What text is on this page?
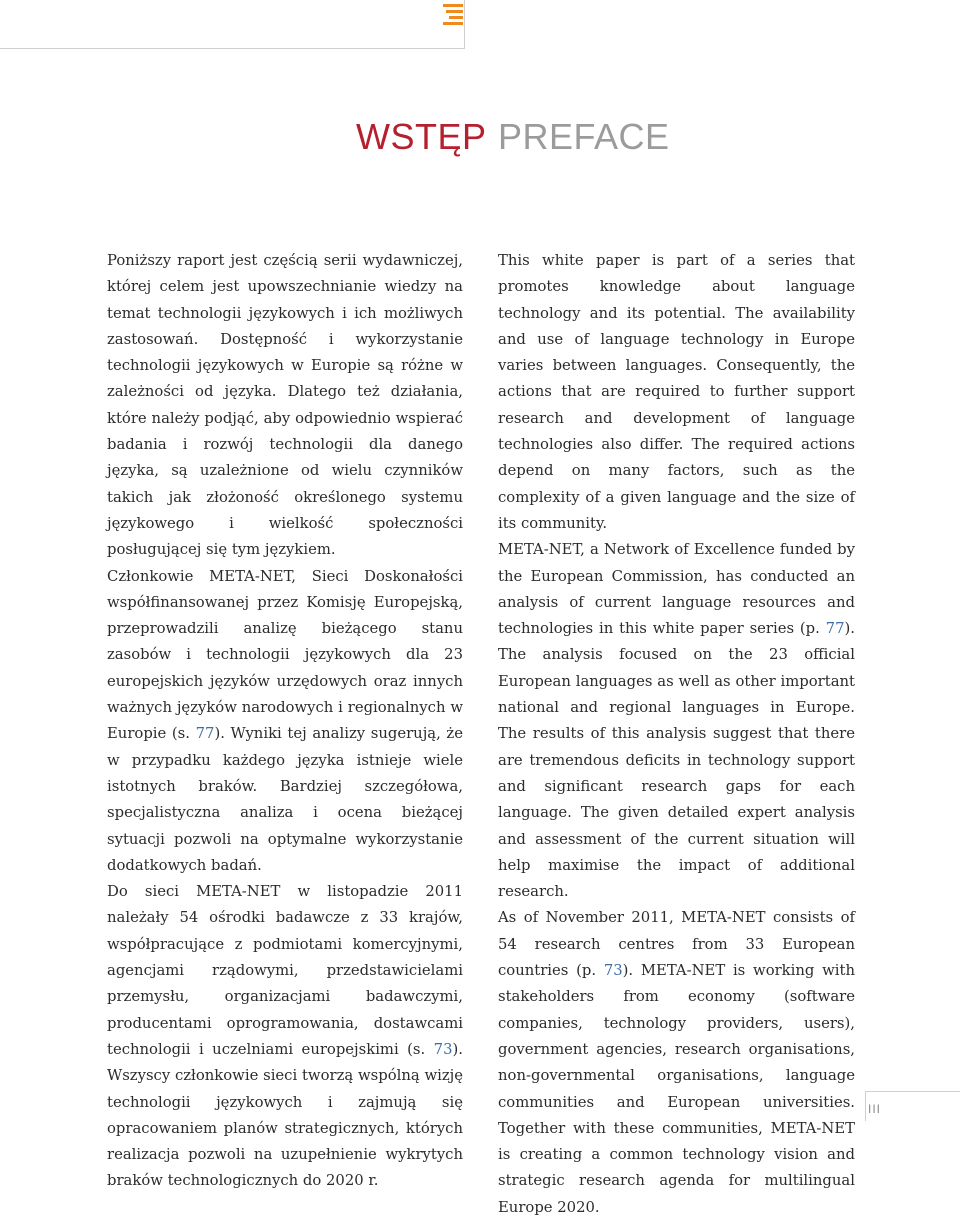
WSTĘP PREFACE

Poniższy raport jest częścią serii wydawniczej, której celem jest upowszechnianie wiedzy na temat technologii językowych i ich możliwych zastosowań. Dostępność i wykorzystanie technologii językowych w Europie są różne w zależności od języka. Dlatego też działania, które należy podjąć, aby odpowiednio wspierać badania i rozwój technologii dla danego języka, są uzależnione od wielu czynników takich jak złożoność określonego systemu językowego i wielkość społeczności posługującej się tym językiem.

Członkowie META-NET, Sieci Doskonałości współfinansowanej przez Komisję Europejską, przeprowadzili analizę bieżącego stanu zasobów i technologii językowych dla 23 europejskich języków urzędowych oraz innych ważnych języków narodowych i regionalnych w Europie (s. 77). Wyniki tej analizy sugerują, że w przypadku każdego języka istnieje wiele istotnych braków. Bardziej szczegółowa, specjalistyczna analiza i ocena bieżącej sytuacji pozwoli na optymalne wykorzystanie dodatkowych badań.

Do sieci META-NET w listopadzie 2011 należały 54 ośrodki badawcze z 33 krajów, współpracujące z podmiotami komercyjnymi, agencjami rządowymi, przedstawicielami przemysłu, organizacjami badawczymi, producentami oprogramowania, dostawcami technologii i uczelniami europejskimi (s. 73). Wszyscy członkowie sieci tworzą wspólną wizję technologii językowych i zajmują się opracowaniem planów strategicznych, których realizacja pozwoli na uzupełnienie wykrytych braków technologicznych do 2020 r.

This white paper is part of a series that promotes knowledge about language technology and its potential. The availability and use of language technology in Europe varies between languages. Consequently, the actions that are required to further support research and development of language technologies also differ. The required actions depend on many factors, such as the complexity of a given language and the size of its community.

META-NET, a Network of Excellence funded by the European Commission, has conducted an analysis of current language resources and technologies in this white paper series (p. 77). The analysis focused on the 23 official European languages as well as other important national and regional languages in Europe. The results of this analysis suggest that there are tremendous deficits in technology support and significant research gaps for each language. The given detailed expert analysis and assessment of the current situation will help maximise the impact of additional research.

As of November 2011, META-NET consists of 54 research centres from 33 European countries (p. 73). META-NET is working with stakeholders from economy (software companies, technology providers, users), government agencies, research organisations, non-governmental organisations, language communities and European universities. Together with these communities, META-NET is creating a common technology vision and strategic research agenda for multilingual Europe 2020.

III
